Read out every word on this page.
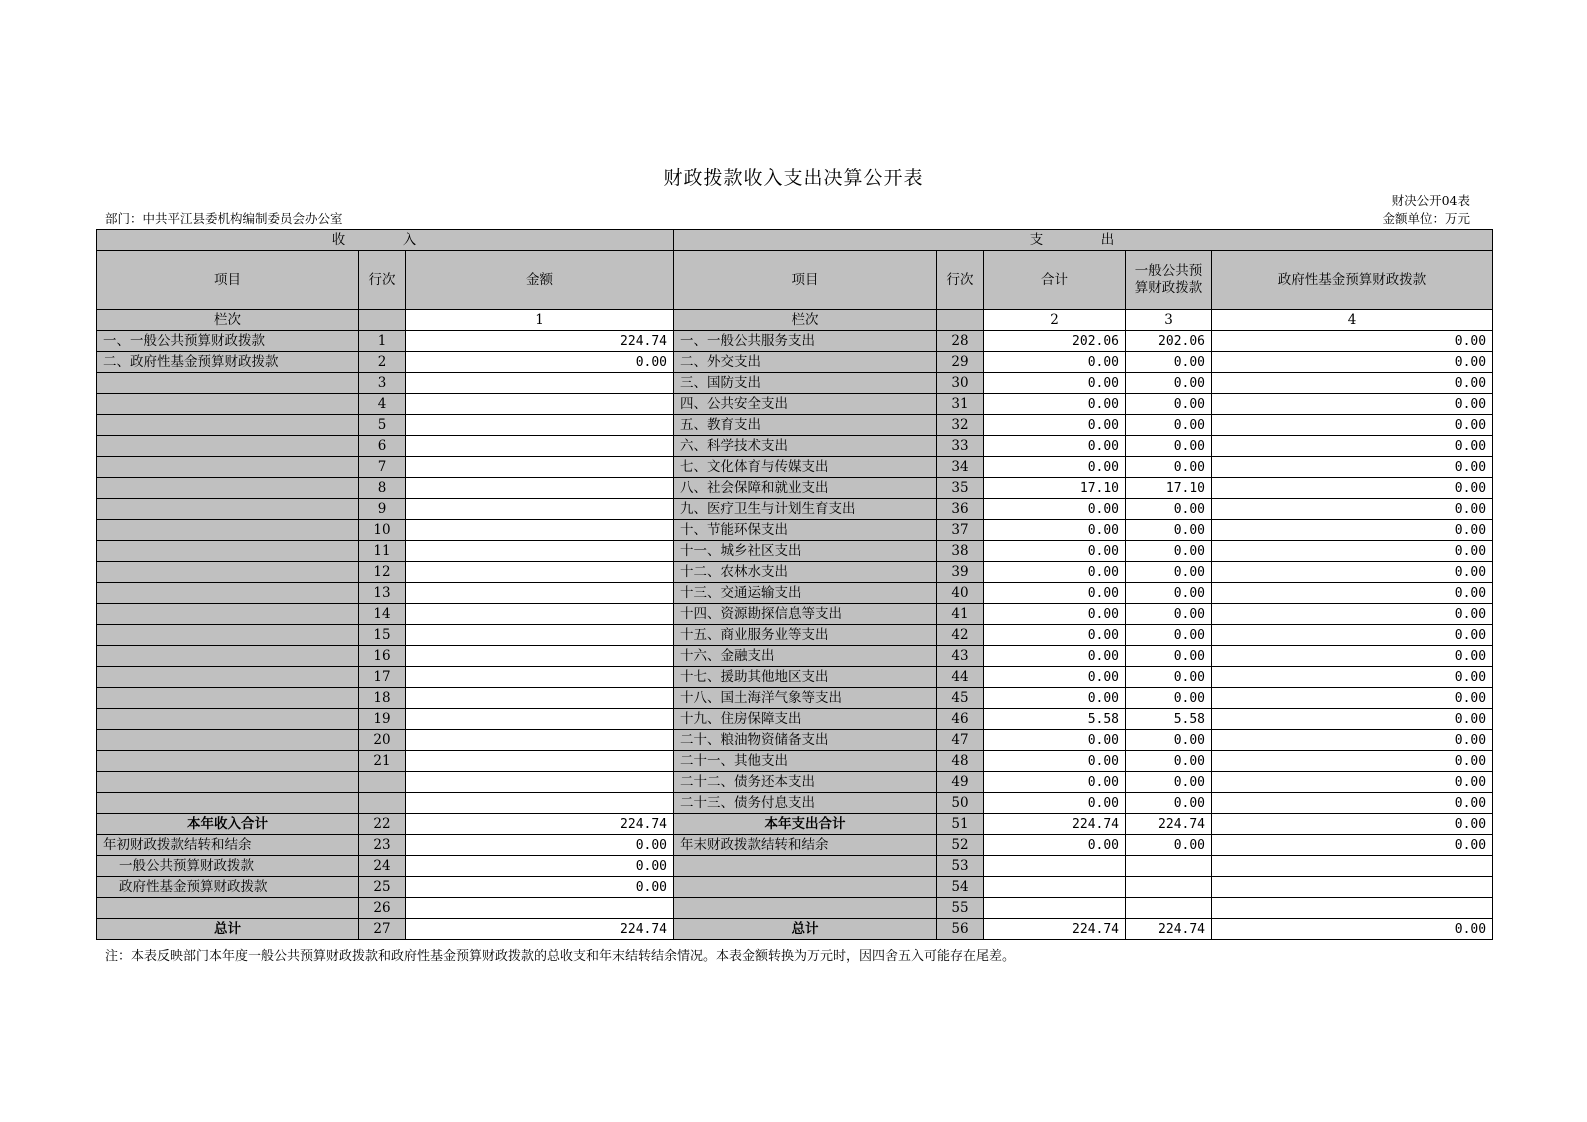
财政拨款收入支出决算公开表
财决公开04表
部门：中共平江县委机构编制委员会办公室	金额单位：万元
收　入			支　出				
项目	行次	金额	项目	行次	合计	一般公共预算财政拨款	政府性基金预算财政拨款
栏次		1	栏次		2	3	4
一、一般公共预算财政拨款	1	224.74	一、一般公共服务支出	28	202.06	202.06	0.00
二、政府性基金预算财政拨款	2	0.00	二、外交支出	29	0.00	0.00	0.00
	3		三、国防支出	30	0.00	0.00	0.00
	4		四、公共安全支出	31	0.00	0.00	0.00
	5		五、教育支出	32	0.00	0.00	0.00
	6		六、科学技术支出	33	0.00	0.00	0.00
	7		七、文化体育与传媒支出	34	0.00	0.00	0.00
	8		八、社会保障和就业支出	35	17.10	17.10	0.00
	9		九、医疗卫生与计划生育支出	36	0.00	0.00	0.00
	10		十、节能环保支出	37	0.00	0.00	0.00
	11		十一、城乡社区支出	38	0.00	0.00	0.00
	12		十二、农林水支出	39	0.00	0.00	0.00
	13		十三、交通运输支出	40	0.00	0.00	0.00
	14		十四、资源勘探信息等支出	41	0.00	0.00	0.00
	15		十五、商业服务业等支出	42	0.00	0.00	0.00
	16		十六、金融支出	43	0.00	0.00	0.00
	17		十七、援助其他地区支出	44	0.00	0.00	0.00
	18		十八、国土海洋气象等支出	45	0.00	0.00	0.00
	19		十九、住房保障支出	46	5.58	5.58	0.00
	20		二十、粮油物资储备支出	47	0.00	0.00	0.00
	21		二十一、其他支出	48	0.00	0.00	0.00
			二十二、债务还本支出	49	0.00	0.00	0.00
			二十三、债务付息支出	50	0.00	0.00	0.00
本年收入合计	22	224.74	本年支出合计	51	224.74	224.74	0.00
年初财政拨款结转和结余	23	0.00	年末财政拨款结转和结余	52	0.00	0.00	0.00
一般公共预算财政拨款	24	0.00		53			
政府性基金预算财政拨款	25	0.00		54			
	26			55			
总计	27	224.74	总计	56	224.74	224.74	0.00
注：本表反映部门本年度一般公共预算财政拨款和政府性基金预算财政拨款的总收支和年末结转结余情况。本表金额转换为万元时，因四舍五入可能存在尾差。
